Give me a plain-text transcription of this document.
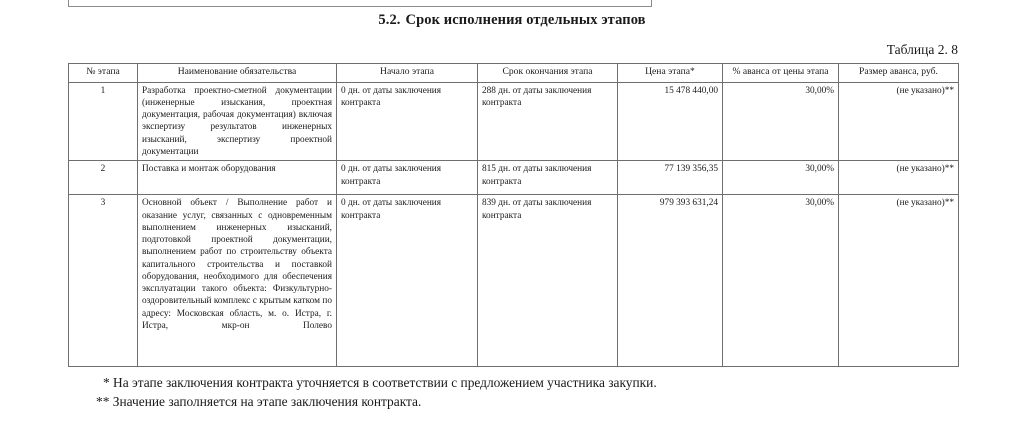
5.2. Срок исполнения отдельных этапов
Таблица 2. 8
№ этапа	Наименование обязательства	Начало этапа	Срок окончания этапа	Цена этапа*	% аванса от цены этапа	Размер аванса, руб.
1	Разработка проектно-сметной документации (инженерные изыскания, проектная документация, рабочая документация) включая экспертизу результатов инженерных изысканий, экспертизу проектной документации	0 дн. от даты заключения контракта	288 дн. от даты заключения контракта	15 478 440,00	30,00%	(не указано)**
2	Поставка и монтаж оборудования	0 дн. от даты заключения контракта	815 дн. от даты заключения контракта	77 139 356,35	30,00%	(не указано)**
3	Основной объект / Выполнение работ и оказание услуг, связанных с одновременным выполнением инженерных изысканий, подготовкой проектной документации, выполнением работ по строительству объекта капитального строительства и поставкой оборудования, необходимого для обеспечения эксплуатации такого объекта: Физкультурно-оздоровительный комплекс с крытым катком по адресу: Московская область, м. о. Истра, г. Истра, мкр-он Полево	0 дн. от даты заключения контракта	839 дн. от даты заключения контракта	979 393 631,24	30,00%	(не указано)**
* На этапе заключения контракта уточняется в соответствии с предложением участника закупки.
** Значение заполняется на этапе заключения контракта.
